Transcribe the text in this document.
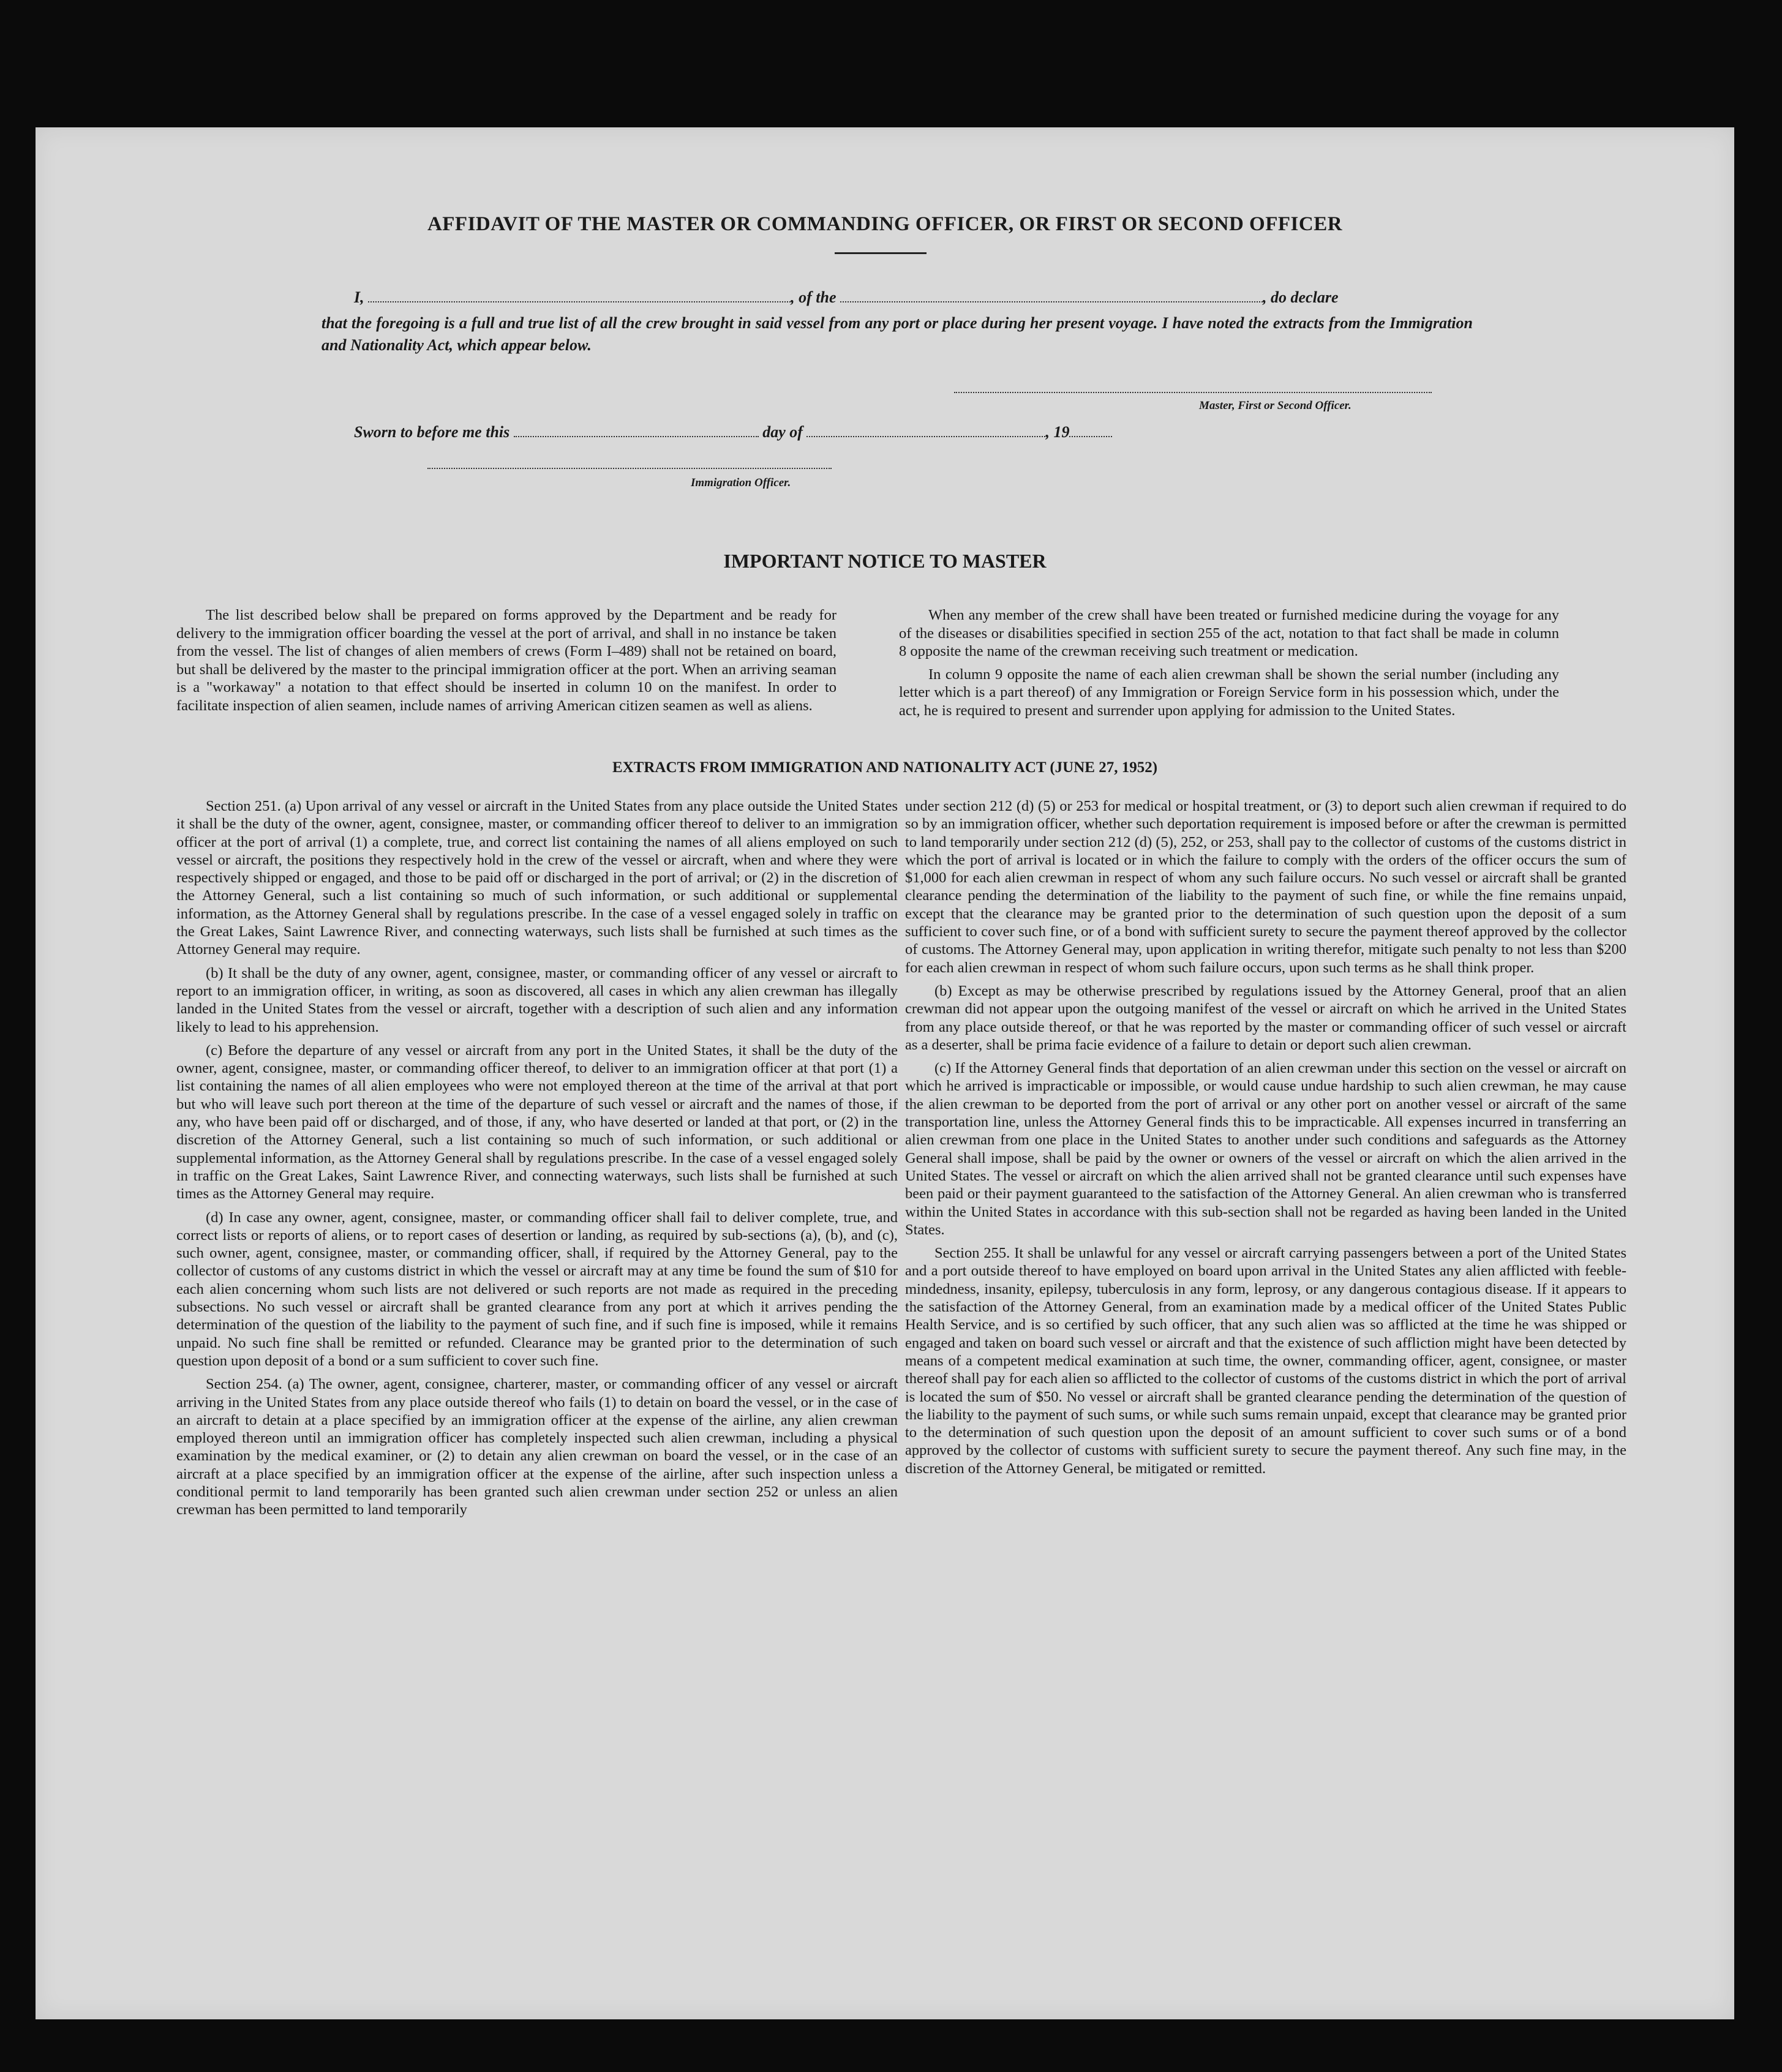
AFFIDAVIT OF THE MASTER OR COMMANDING OFFICER, OR FIRST OR SECOND OFFICER
I,	, of the	, do declare
that the foregoing is a full and true list of all the crew brought in said vessel from any port or place during her present voyage. I have noted the extracts from the Immigration and Nationality Act, which appear below.
Master, First or Second Officer.
Sworn to before me this	day of	, 19
Immigration Officer.
IMPORTANT NOTICE TO MASTER

The list described below shall be prepared on forms approved by the Department and be ready for delivery to the immigration officer boarding the vessel at the port of arrival, and shall in no instance be taken from the vessel. The list of changes of alien members of crews (Form I–489) shall not be retained on board, but shall be delivered by the master to the principal immigration officer at the port. When an arriving seaman is a "workaway" a notation to that effect should be inserted in column 10 on the manifest. In order to facilitate inspection of alien seamen, include names of arriving American citizen seamen as well as aliens.

When any member of the crew shall have been treated or furnished medicine during the voyage for any of the diseases or disabilities specified in section 255 of the act, notation to that fact shall be made in column 8 opposite the name of the crewman receiving such treatment or medication.

In column 9 opposite the name of each alien crewman shall be shown the serial number (including any letter which is a part thereof) of any Immigration or Foreign Service form in his possession which, under the act, he is required to present and surrender upon applying for admission to the United States.

EXTRACTS FROM IMMIGRATION AND NATIONALITY ACT (JUNE 27, 1952)

Section 251. (a) Upon arrival of any vessel or aircraft in the United States from any place outside the United States it shall be the duty of the owner, agent, consignee, master, or commanding officer thereof to deliver to an immigration officer at the port of arrival (1) a complete, true, and correct list containing the names of all aliens employed on such vessel or aircraft, the positions they respectively hold in the crew of the vessel or aircraft, when and where they were respectively shipped or engaged, and those to be paid off or discharged in the port of arrival; or (2) in the discretion of the Attorney General, such a list containing so much of such information, or such additional or supplemental information, as the Attorney General shall by regulations prescribe. In the case of a vessel engaged solely in traffic on the Great Lakes, Saint Lawrence River, and connecting waterways, such lists shall be furnished at such times as the Attorney General may require.

(b) It shall be the duty of any owner, agent, consignee, master, or commanding officer of any vessel or aircraft to report to an immigration officer, in writing, as soon as discovered, all cases in which any alien crewman has illegally landed in the United States from the vessel or aircraft, together with a description of such alien and any information likely to lead to his apprehension.

(c) Before the departure of any vessel or aircraft from any port in the United States, it shall be the duty of the owner, agent, consignee, master, or commanding officer thereof, to deliver to an immigration officer at that port (1) a list containing the names of all alien employees who were not employed thereon at the time of the arrival at that port but who will leave such port thereon at the time of the departure of such vessel or aircraft and the names of those, if any, who have been paid off or discharged, and of those, if any, who have deserted or landed at that port, or (2) in the discretion of the Attorney General, such a list containing so much of such information, or such additional or supplemental information, as the Attorney General shall by regulations prescribe. In the case of a vessel engaged solely in traffic on the Great Lakes, Saint Lawrence River, and connecting waterways, such lists shall be furnished at such times as the Attorney General may require.

(d) In case any owner, agent, consignee, master, or commanding officer shall fail to deliver complete, true, and correct lists or reports of aliens, or to report cases of desertion or landing, as required by sub-sections (a), (b), and (c), such owner, agent, consignee, master, or commanding officer, shall, if required by the Attorney General, pay to the collector of customs of any customs district in which the vessel or aircraft may at any time be found the sum of $10 for each alien concerning whom such lists are not delivered or such reports are not made as required in the preceding subsections. No such vessel or aircraft shall be granted clearance from any port at which it arrives pending the determination of the question of the liability to the payment of such fine, and if such fine is imposed, while it remains unpaid. No such fine shall be remitted or refunded. Clearance may be granted prior to the determination of such question upon deposit of a bond or a sum sufficient to cover such fine.

Section 254. (a) The owner, agent, consignee, charterer, master, or commanding officer of any vessel or aircraft arriving in the United States from any place outside thereof who fails (1) to detain on board the vessel, or in the case of an aircraft to detain at a place specified by an immigration officer at the expense of the airline, any alien crewman employed thereon until an immigration officer has completely inspected such alien crewman, including a physical examination by the medical examiner, or (2) to detain any alien crewman on board the vessel, or in the case of an aircraft at a place specified by an immigration officer at the expense of the airline, after such inspection unless a conditional permit to land temporarily has been granted such alien crewman under section 252 or unless an alien crewman has been permitted to land temporarily

under section 212 (d) (5) or 253 for medical or hospital treatment, or (3) to deport such alien crewman if required to do so by an immigration officer, whether such deportation requirement is imposed before or after the crewman is permitted to land temporarily under section 212 (d) (5), 252, or 253, shall pay to the collector of customs of the customs district in which the port of arrival is located or in which the failure to comply with the orders of the officer occurs the sum of $1,000 for each alien crewman in respect of whom any such failure occurs. No such vessel or aircraft shall be granted clearance pending the determination of the liability to the payment of such fine, or while the fine remains unpaid, except that the clearance may be granted prior to the determination of such question upon the deposit of a sum sufficient to cover such fine, or of a bond with sufficient surety to secure the payment thereof approved by the collector of customs. The Attorney General may, upon application in writing therefor, mitigate such penalty to not less than $200 for each alien crewman in respect of whom such failure occurs, upon such terms as he shall think proper.

(b) Except as may be otherwise prescribed by regulations issued by the Attorney General, proof that an alien crewman did not appear upon the outgoing manifest of the vessel or aircraft on which he arrived in the United States from any place outside thereof, or that he was reported by the master or commanding officer of such vessel or aircraft as a deserter, shall be prima facie evidence of a failure to detain or deport such alien crewman.

(c) If the Attorney General finds that deportation of an alien crewman under this section on the vessel or aircraft on which he arrived is impracticable or impossible, or would cause undue hardship to such alien crewman, he may cause the alien crewman to be deported from the port of arrival or any other port on another vessel or aircraft of the same transportation line, unless the Attorney General finds this to be impracticable. All expenses incurred in transferring an alien crewman from one place in the United States to another under such conditions and safeguards as the Attorney General shall impose, shall be paid by the owner or owners of the vessel or aircraft on which the alien arrived in the United States. The vessel or aircraft on which the alien arrived shall not be granted clearance until such expenses have been paid or their payment guaranteed to the satisfaction of the Attorney General. An alien crewman who is transferred within the United States in accordance with this sub-section shall not be regarded as having been landed in the United States.

Section 255. It shall be unlawful for any vessel or aircraft carrying passengers between a port of the United States and a port outside thereof to have employed on board upon arrival in the United States any alien afflicted with feeble-mindedness, insanity, epilepsy, tuberculosis in any form, leprosy, or any dangerous contagious disease. If it appears to the satisfaction of the Attorney General, from an examination made by a medical officer of the United States Public Health Service, and is so certified by such officer, that any such alien was so afflicted at the time he was shipped or engaged and taken on board such vessel or aircraft and that the existence of such affliction might have been detected by means of a competent medical examination at such time, the owner, commanding officer, agent, consignee, or master thereof shall pay for each alien so afflicted to the collector of customs of the customs district in which the port of arrival is located the sum of $50. No vessel or aircraft shall be granted clearance pending the determination of the question of the liability to the payment of such sums, or while such sums remain unpaid, except that clearance may be granted prior to the determination of such question upon the deposit of an amount sufficient to cover such sums or of a bond approved by the collector of customs with sufficient surety to secure the payment thereof. Any such fine may, in the discretion of the Attorney General, be mitigated or remitted.
